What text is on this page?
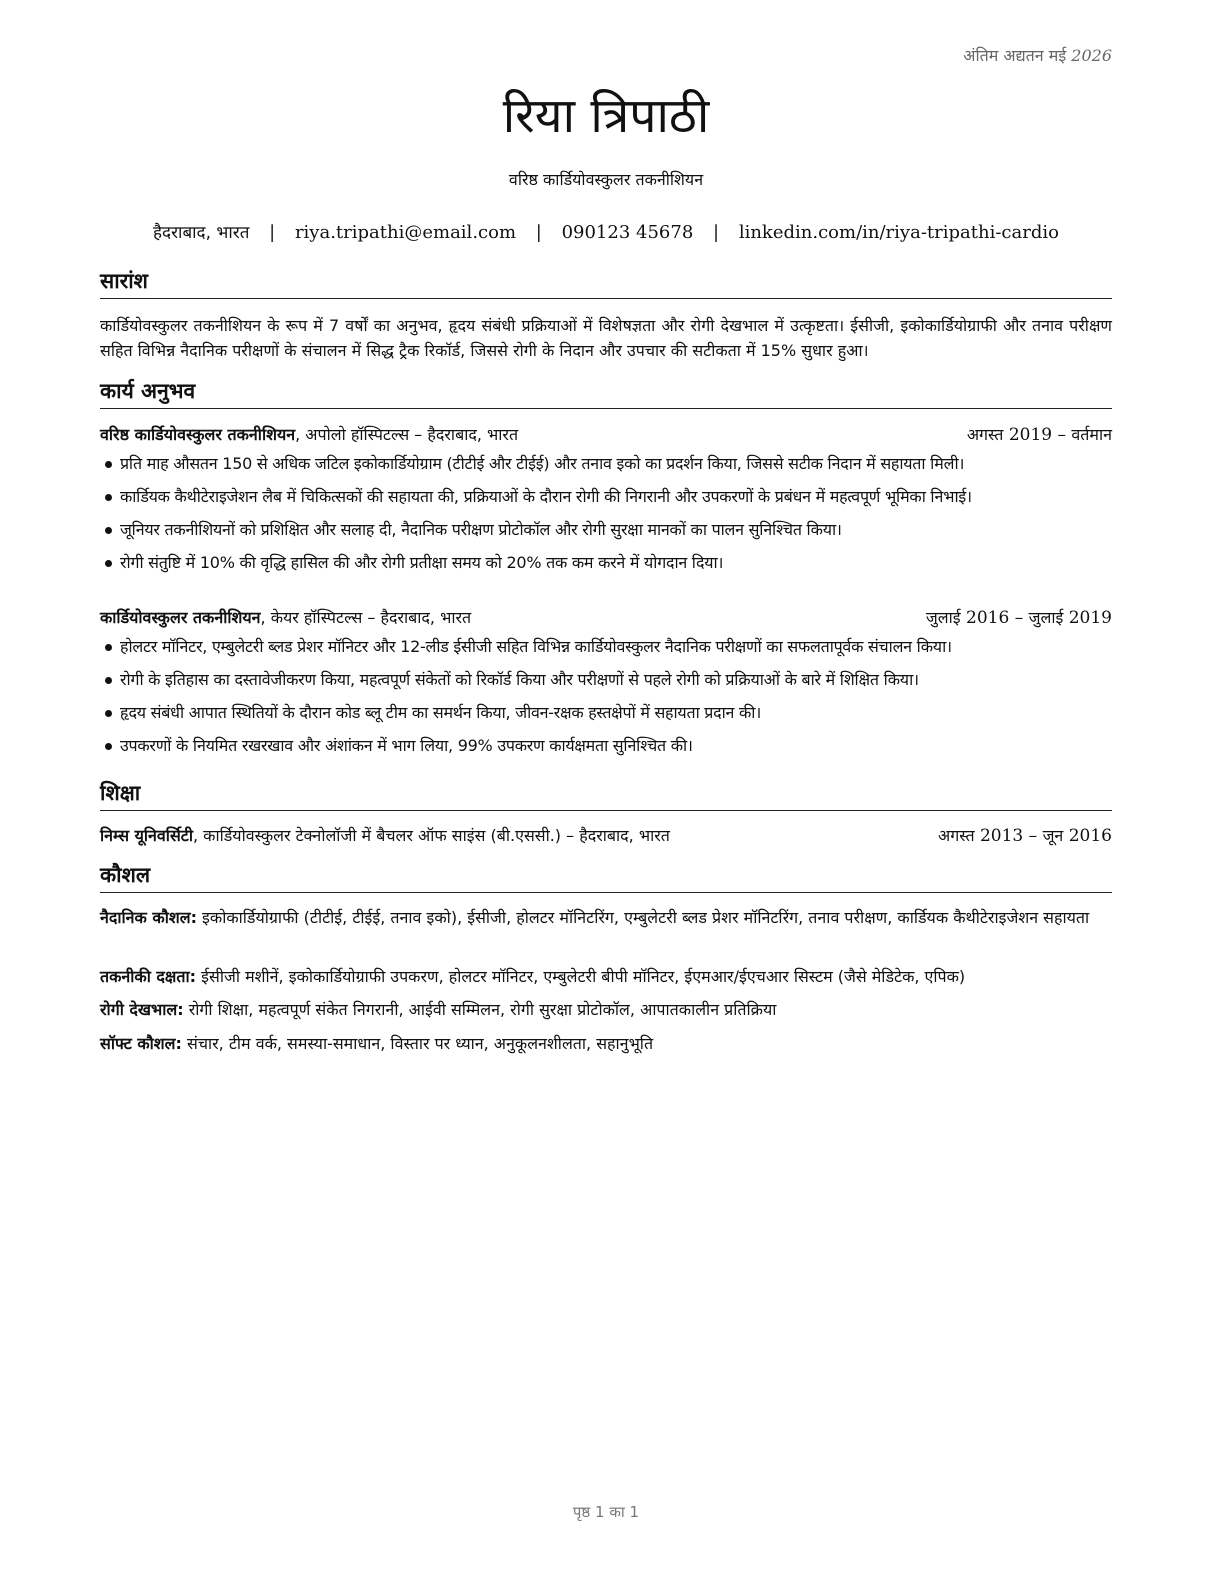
अंतिम अद्यतन मई 2026
रिया त्रिपाठी
वरिष्ठ कार्डियोवस्कुलर तकनीशियन
हैदराबाद, भारत | riya.tripathi@email.com | 090123 45678 | linkedin.com/in/riya-tripathi-cardio
सारांश
कार्डियोवस्कुलर तकनीशियन के रूप में 7 वर्षों का अनुभव, हृदय संबंधी प्रक्रियाओं में विशेषज्ञता और रोगी देखभाल में उत्कृष्टता। ईसीजी, इकोकार्डियोग्राफी और तनाव परीक्षण सहित विभिन्न नैदानिक परीक्षणों के संचालन में सिद्ध ट्रैक रिकॉर्ड, जिससे रोगी के निदान और उपचार की सटीकता में 15% सुधार हुआ।
कार्य अनुभव
वरिष्ठ कार्डियोवस्कुलर तकनीशियन, अपोलो हॉस्पिटल्स – हैदराबाद, भारत	अगस्त 2019 – वर्तमान
प्रति माह औसतन 150 से अधिक जटिल इकोकार्डियोग्राम (टीटीई और टीईई) और तनाव इको का प्रदर्शन किया, जिससे सटीक निदान में सहायता मिली।
कार्डियक कैथीटेराइजेशन लैब में चिकित्सकों की सहायता की, प्रक्रियाओं के दौरान रोगी की निगरानी और उपकरणों के प्रबंधन में महत्वपूर्ण भूमिका निभाई।
जूनियर तकनीशियनों को प्रशिक्षित और सलाह दी, नैदानिक परीक्षण प्रोटोकॉल और रोगी सुरक्षा मानकों का पालन सुनिश्चित किया।
रोगी संतुष्टि में 10% की वृद्धि हासिल की और रोगी प्रतीक्षा समय को 20% तक कम करने में योगदान दिया।
कार्डियोवस्कुलर तकनीशियन, केयर हॉस्पिटल्स – हैदराबाद, भारत	जुलाई 2016 – जुलाई 2019
होलटर मॉनिटर, एम्बुलेटरी ब्लड प्रेशर मॉनिटर और 12-लीड ईसीजी सहित विभिन्न कार्डियोवस्कुलर नैदानिक परीक्षणों का सफलतापूर्वक संचालन किया।
रोगी के इतिहास का दस्तावेजीकरण किया, महत्वपूर्ण संकेतों को रिकॉर्ड किया और परीक्षणों से पहले रोगी को प्रक्रियाओं के बारे में शिक्षित किया।
हृदय संबंधी आपात स्थितियों के दौरान कोड ब्लू टीम का समर्थन किया, जीवन-रक्षक हस्तक्षेपों में सहायता प्रदान की।
उपकरणों के नियमित रखरखाव और अंशांकन में भाग लिया, 99% उपकरण कार्यक्षमता सुनिश्चित की।
शिक्षा
निम्स यूनिवर्सिटी, कार्डियोवस्कुलर टेक्नोलॉजी में बैचलर ऑफ साइंस (बी.एससी.) – हैदराबाद, भारत	अगस्त 2013 – जून 2016
कौशल
नैदानिक कौशल: इकोकार्डियोग्राफी (टीटीई, टीईई, तनाव इको), ईसीजी, होलटर मॉनिटरिंग, एम्बुलेटरी ब्लड प्रेशर मॉनिटरिंग, तनाव परीक्षण, कार्डियक कैथीटेराइजेशन सहायता
तकनीकी दक्षता: ईसीजी मशीनें, इकोकार्डियोग्राफी उपकरण, होलटर मॉनिटर, एम्बुलेटरी बीपी मॉनिटर, ईएमआर/ईएचआर सिस्टम (जैसे मेडिटेक, एपिक)
रोगी देखभाल: रोगी शिक्षा, महत्वपूर्ण संकेत निगरानी, आईवी सम्मिलन, रोगी सुरक्षा प्रोटोकॉल, आपातकालीन प्रतिक्रिया
सॉफ्ट कौशल: संचार, टीम वर्क, समस्या-समाधान, विस्तार पर ध्यान, अनुकूलनशीलता, सहानुभूति
पृष्ठ 1 का 1
